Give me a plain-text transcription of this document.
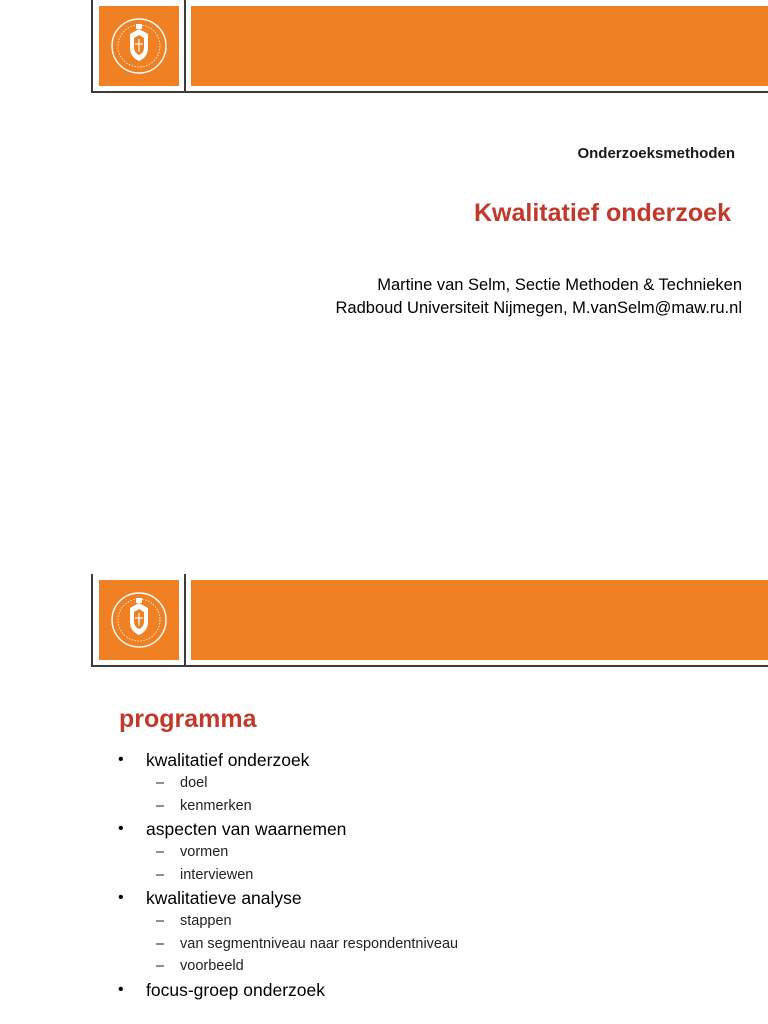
Onderzoeksmethoden
Kwalitatief onderzoek
Martine van Selm, Sectie Methoden & Technieken
Radboud Universiteit Nijmegen, M.vanSelm@maw.ru.nl
programma
• kwalitatief onderzoek
– doel
– kenmerken
• aspecten van waarnemen
– vormen
– interviewen
• kwalitatieve analyse
– stappen
– van segmentniveau naar respondentniveau
– voorbeeld
• focus-groep onderzoek
